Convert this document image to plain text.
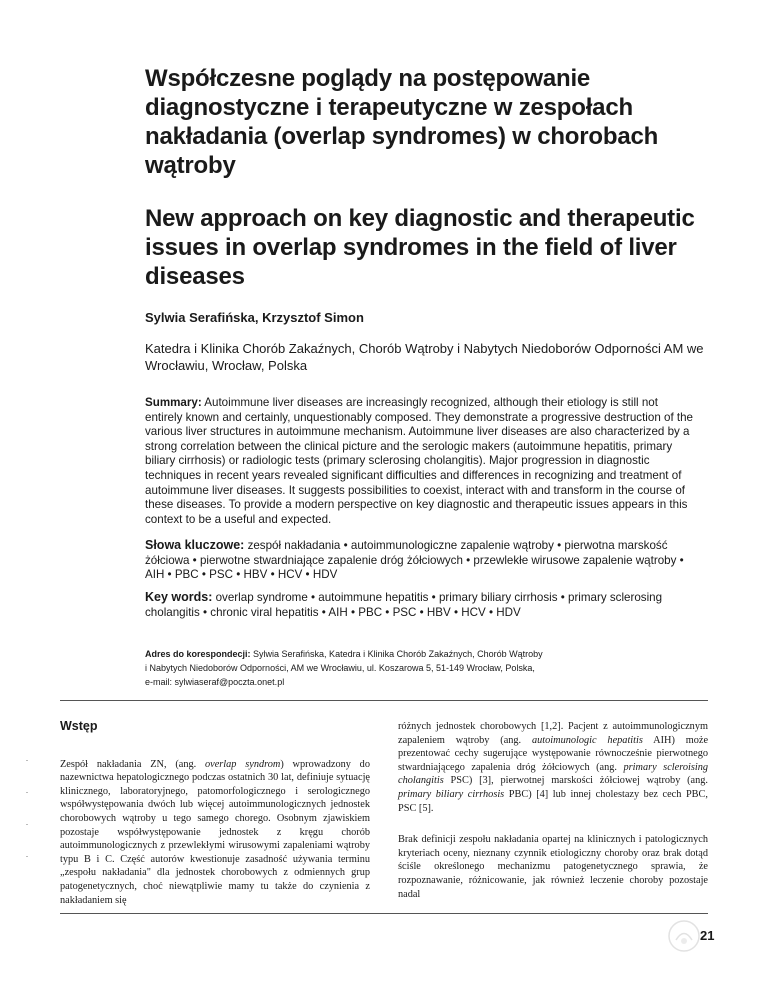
Współczesne poglądy na postępowanie diagnostyczne i terapeutyczne w zespołach nakładania (overlap syndromes) w chorobach wątroby
New approach on key diagnostic and therapeutic issues in overlap syndromes in the field of liver diseases
Sylwia Serafińska, Krzysztof Simon
Katedra i Klinika Chorób Zakaźnych, Chorób Wątroby i Nabytych Niedoborów Odporności AM we Wrocławiu, Wrocław, Polska
Summary: Autoimmune liver diseases are increasingly recognized, although their etiology is still not entirely known and certainly, unquestionably composed. They demonstrate a progressive destruction of the various liver structures in autoimmune mechanism. Autoimmune liver diseases are also characterized by a strong correlation between the clinical picture and the serologic makers (autoimmune hepatitis, primary biliary cirrhosis) or radiologic tests (primary sclerosing cholangitis). Major progression in diagnostic techniques in recent years revealed significant difficulties and differences in recognizing and treatment of autoimmune liver diseases. It suggests possibilities to coexist, interact with and transform in the course of these diseases. To provide a modern perspective on key diagnostic and therapeutic issues appears in this context to be a useful and expected.
Słowa kluczowe: zespół nakładania • autoimmunologiczne zapalenie wątroby • pierwotna marskość żółciowa • pierwotne stwardniające zapalenie dróg żółciowych • przewlekłe wirusowe zapalenie wątroby • AIH • PBC • PSC • HBV • HCV • HDV
Key words: overlap syndrome • autoimmune hepatitis • primary biliary cirrhosis • primary sclerosing cholangitis • chronic viral hepatitis • AIH • PBC • PSC • HBV • HCV • HDV
Adres do korespondecji: Sylwia Serafińska, Katedra i Klinika Chorób Zakaźnych, Chorób Wątroby
i Nabytych Niedoborów Odporności, AM we Wrocławiu, ul. Koszarowa 5, 51-149 Wrocław, Polska,
e-mail: sylwiaseraf@poczta.onet.pl
Wstęp

Zespół nakładania ZN, (ang. overlap syndrom) wprowadzony do nazewnictwa hepatologicznego podczas ostatnich 30 lat, definiuje sytuację klinicznego, laboratoryjnego, patomorfologicznego i serologicznego współwystępowania dwóch lub więcej autoimmunologicznych jednostek chorobowych wątroby u tego samego chorego. Osobnym zjawiskiem pozostaje współwystępowanie jednostek z kręgu chorób autoimmunologicznych z przewlekłymi wirusowymi zapaleniami wątroby typu B i C. Część autorów kwestionuje zasadność używania terminu „zespołu nakładania" dla jednostek chorobowych z odmiennych grup patogenetycznych, choć niewątpliwie mamy tu także do czynienia z nakładaniem się

różnych jednostek chorobowych [1,2]. Pacjent z autoimmunologicznym zapaleniem wątroby (ang. autoimunologic hepatitis AIH) może prezentować cechy sugerujące występowanie równocześnie pierwotnego stwardniającego zapalenia dróg żółciowych (ang. primary scleroising cholangitis PSC) [3], pierwotnej marskości żółciowej wątroby (ang. primary biliary cirrhosis PBC) [4] lub innej cholestazy bez cech PBC, PSC [5].

Brak definicji zespołu nakładania opartej na klinicznych i patologicznych kryteriach oceny, nieznany czynnik etiologiczny choroby oraz brak dotąd ściśle określonego mechanizmu patogenetycznego sprawia, że rozpoznawanie, różnicowanie, jak również leczenie choroby pozostaje nadal

21
